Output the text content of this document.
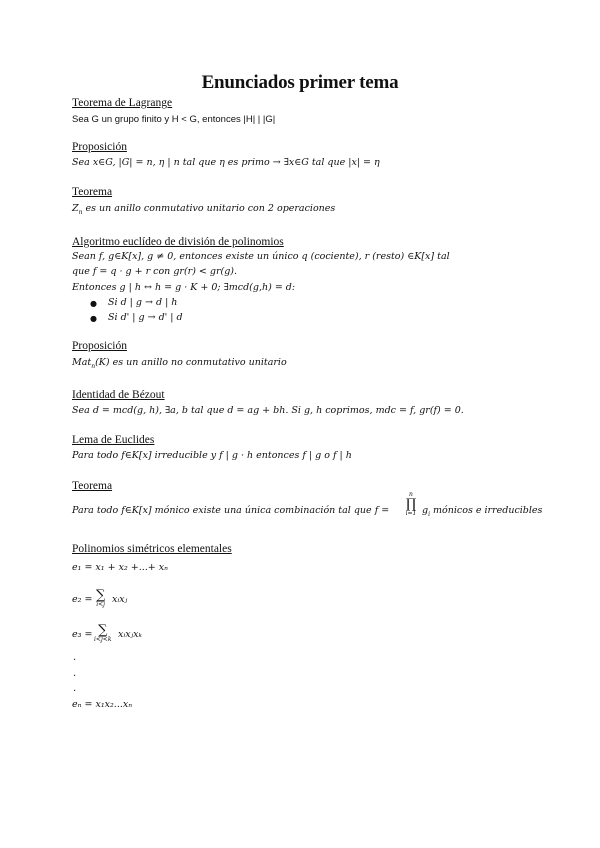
Enunciados primer tema
Teorema de Lagrange
Sea G un grupo finito y H < G, entonces |H| | |G|
Proposición
Sea x∈G, |G| = n, η | n tal que η es primo → ∃x∈G tal que |x| = η
Teorema
$Z_n$ es un anillo conmutativo unitario con 2 operaciones
Algoritmo euclídeo de división de polinomios
Sean f, g∈K[x], g ≠ 0, entonces existe un único q (cociente), r (resto) ∈K[x] tal
que f = q · g + r con gr(r) < gr(g).
Entonces g | h ↔ h = g · K + 0; ∃mcd(g,h) = d:
● Si d | g → d | h
● Si d' | g → d' | d
Proposición
Mat$_n$(K) es un anillo no conmutativo unitario
Identidad de Bézout
Sea d = mcd(g, h), ∃a, b tal que d = ag + bh. Si g, h coprimos, mdc = f, gr(f) = 0.
Lema de Euclides
Para todo f∈K[x] irreducible y f | g · h entonces f | g o f | h
Teorema
Para todo f∈K[x] mónico existe una única combinación tal que f =
n
∏
i=1 $g_i$ mónicos e irreducibles
Polinomios simétricos elementales
e₁ = x₁ + x₂ +...+ xₙ
e₂ = ∑
i<j xᵢxⱼ
e₃ = ∑
i<j<k xᵢxⱼxₖ
.
.
.
eₙ = x₁x₂...xₙ
